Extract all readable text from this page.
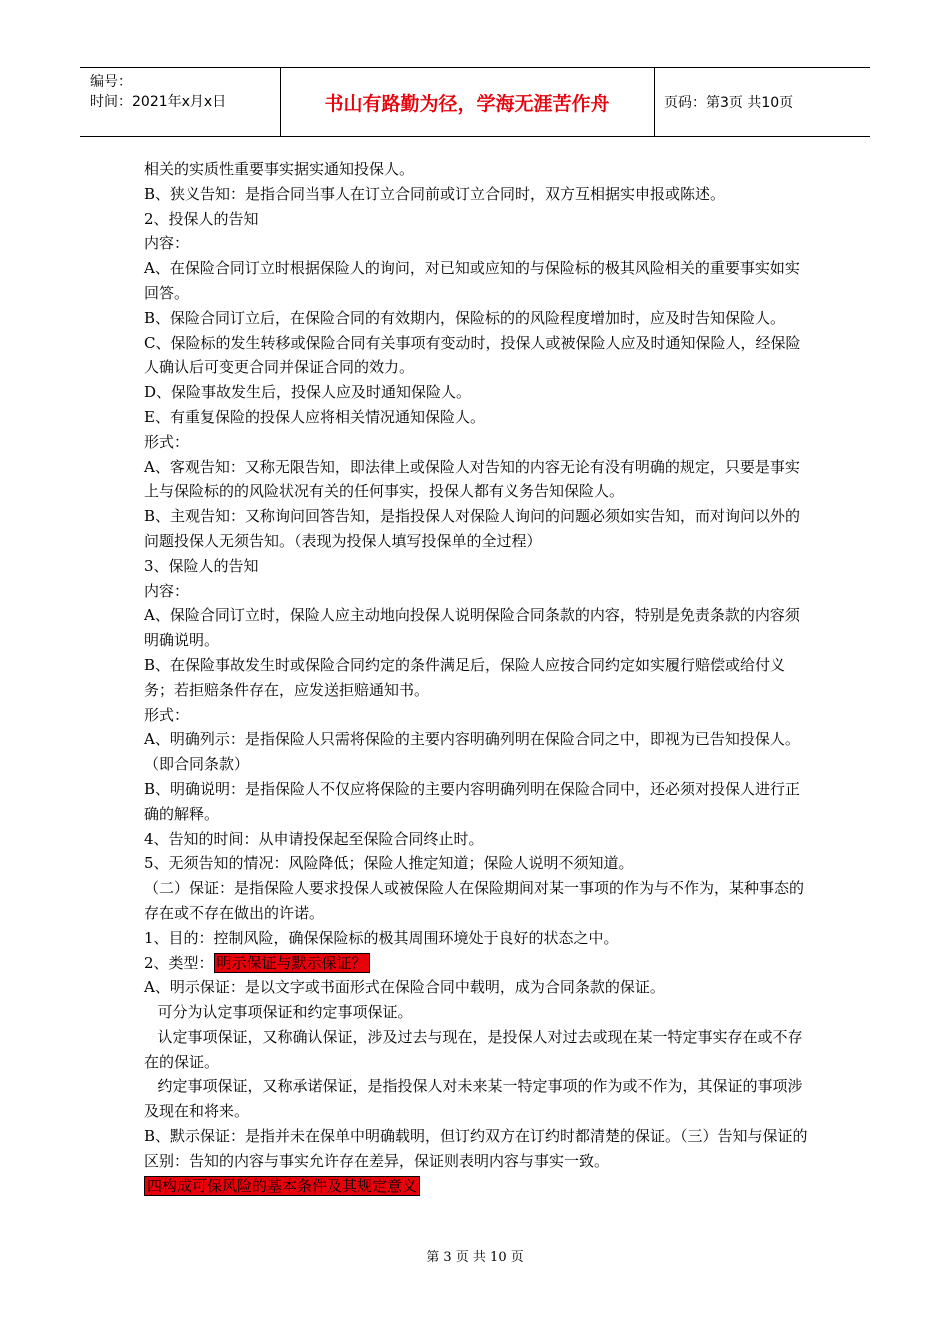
编号：
时间：2021年x月x日	书山有路勤为径，学海无涯苦作舟	页码：第3页 共10页

相关的实质性重要事实据实通知投保人。

B、狭义告知：是指合同当事人在订立合同前或订立合同时，双方互相据实申报或陈述。

2、投保人的告知

内容：

A、在保险合同订立时根据保险人的询问，对已知或应知的与保险标的极其风险相关的重要事实如实回答。

B、保险合同订立后，在保险合同的有效期内，保险标的的风险程度增加时，应及时告知保险人。

C、保险标的发生转移或保险合同有关事项有变动时，投保人或被保险人应及时通知保险人，经保险人确认后可变更合同并保证合同的效力。

D、保险事故发生后，投保人应及时通知保险人。

E、有重复保险的投保人应将相关情况通知保险人。

形式：

A、客观告知：又称无限告知，即法律上或保险人对告知的内容无论有没有明确的规定，只要是事实上与保险标的的风险状况有关的任何事实，投保人都有义务告知保险人。

B、主观告知：又称询问回答告知，是指投保人对保险人询问的问题必须如实告知，而对询问以外的问题投保人无须告知。（表现为投保人填写投保单的全过程）

3、保险人的告知

内容：

A、保险合同订立时，保险人应主动地向投保人说明保险合同条款的内容，特别是免责条款的内容须明确说明。

B、在保险事故发生时或保险合同约定的条件满足后，保险人应按合同约定如实履行赔偿或给付义务；若拒赔条件存在，应发送拒赔通知书。

形式：

A、明确列示：是指保险人只需将保险的主要内容明确列明在保险合同之中，即视为已告知投保人。（即合同条款）

B、明确说明：是指保险人不仅应将保险的主要内容明确列明在保险合同中，还必须对投保人进行正确的解释。

4、告知的时间：从申请投保起至保险合同终止时。

5、无须告知的情况：风险降低；保险人推定知道；保险人说明不须知道。

（二）保证：是指保险人要求投保人或被保险人在保险期间对某一事项的作为与不作为，某种事态的存在或不存在做出的许诺。

1、目的：控制风险，确保保险标的极其周围环境处于良好的状态之中。

2、类型： 明示保证与默示保证？

A、明示保证：是以文字或书面形式在保险合同中载明，成为合同条款的保证。

可分为认定事项保证和约定事项保证。

认定事项保证，又称确认保证，涉及过去与现在，是投保人对过去或现在某一特定事实存在或不存在的保证。

约定事项保证，又称承诺保证，是指投保人对未来某一特定事项的作为或不作为，其保证的事项涉及现在和将来。

B、默示保证：是指并未在保单中明确载明，但订约双方在订约时都清楚的保证。（三）告知与保证的区别：告知的内容与事实允许存在差异，保证则表明内容与事实一致。

四构成可保风险的基本条件及其规定意义

第 3 页 共 10 页
